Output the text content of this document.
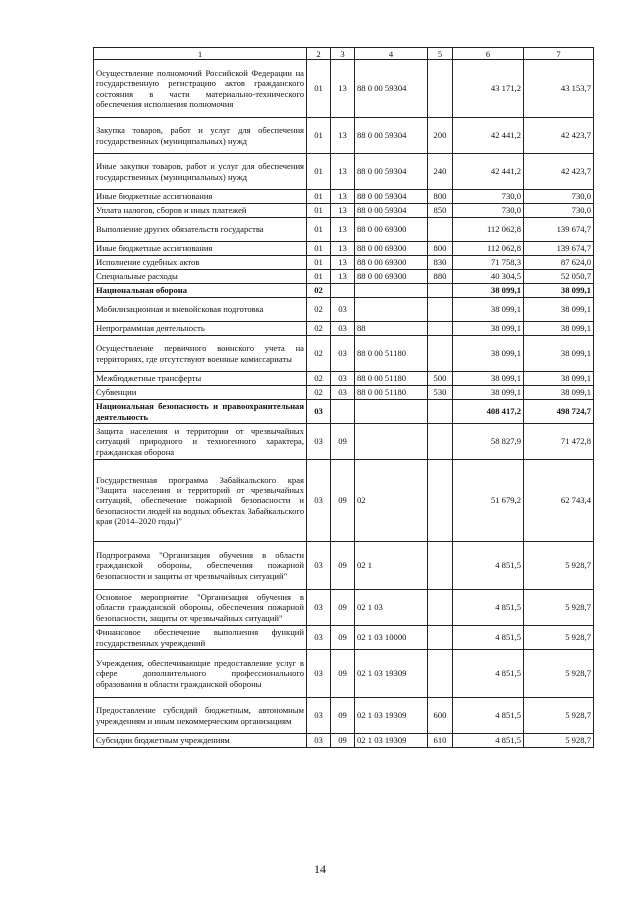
1	2	3	4	5	6	7
Осуществление полномочий Российской Федерации на государственную регистрацию актов гражданского состояния в части материально-технического обеспечения исполнения полномочия	01	13	88 0 00 59304		43 171,2	43 153,7
Закупка товаров, работ и услуг для обеспечения государственных (муниципальных) нужд	01	13	88 0 00 59304	200	42 441,2	42 423,7
Иные закупки товаров, работ и услуг для обеспечения государственных (муниципальных) нужд	01	13	88 0 00 59304	240	42 441,2	42 423,7
Иные бюджетные ассигнования	01	13	88 0 00 59304	800	730,0	730,0
Уплата налогов, сборов и иных платежей	01	13	88 0 00 59304	850	730,0	730,0
Выполнение других обязательств государства	01	13	88 0 00 69300		112 062,8	139 674,7
Иные бюджетные ассигнования	01	13	88 0 00 69300	800	112 062,8	139 674,7
Исполнение судебных актов	01	13	88 0 00 69300	830	71 758,3	87 624,0
Специальные расходы	01	13	88 0 00 69300	880	40 304,5	52 050,7
Национальная оборона	02				38 099,1	38 099,1
Мобилизационная и вневойсковая подготовка	02	03			38 099,1	38 099,1
Непрограммная деятельность	02	03	88		38 099,1	38 099,1
Осуществление первичного воинского учета на территориях, где отсутствуют военные комиссариаты	02	03	88 0 00 51180		38 099,1	38 099,1
Межбюджетные трансферты	02	03	88 0 00 51180	500	38 099,1	38 099,1
Субвенции	02	03	88 0 00 51180	530	38 099,1	38 099,1
Национальная безопасность и правоохранительная деятельность	03				408 417,2	498 724,7
Защита населения и территории от чрезвычайных ситуаций природного и техногенного характера, гражданская оборона	03	09			58 827,9	71 472,8
Государственная программа Забайкальского края "Защита населения и территорий от чрезвычайных ситуаций, обеспечение пожарной безопасности и безопасности людей на водных объектах Забайкальского края (2014–2020 годы)"	03	09	02		51 679,2	62 743,4
Подпрограмма "Организация обучения в области гражданской обороны, обеспечения пожарной безопасности и защиты от чрезвычайных ситуаций"	03	09	02 1		4 851,5	5 928,7
Основное мероприятие "Организация обучения в области гражданской обороны, обеспечения пожарной безопасности, защиты от чрезвычайных ситуаций"	03	09	02 1 03		4 851,5	5 928,7
Финансовое обеспечение выполнения функций государственных учреждений	03	09	02 1 03 10000		4 851,5	5 928,7
Учреждения, обеспечивающие предоставление услуг в сфере дополнительного профессионального образования в области гражданской обороны	03	09	02 1 03 19309		4 851,5	5 928,7
Предоставление субсидий бюджетным, автономным учреждениям и иным некоммерческим организациям	03	09	02 1 03 19309	600	4 851,5	5 928,7
Субсидии бюджетным учреждениям	03	09	02 1 03 19309	610	4 851,5	5 928,7
14
